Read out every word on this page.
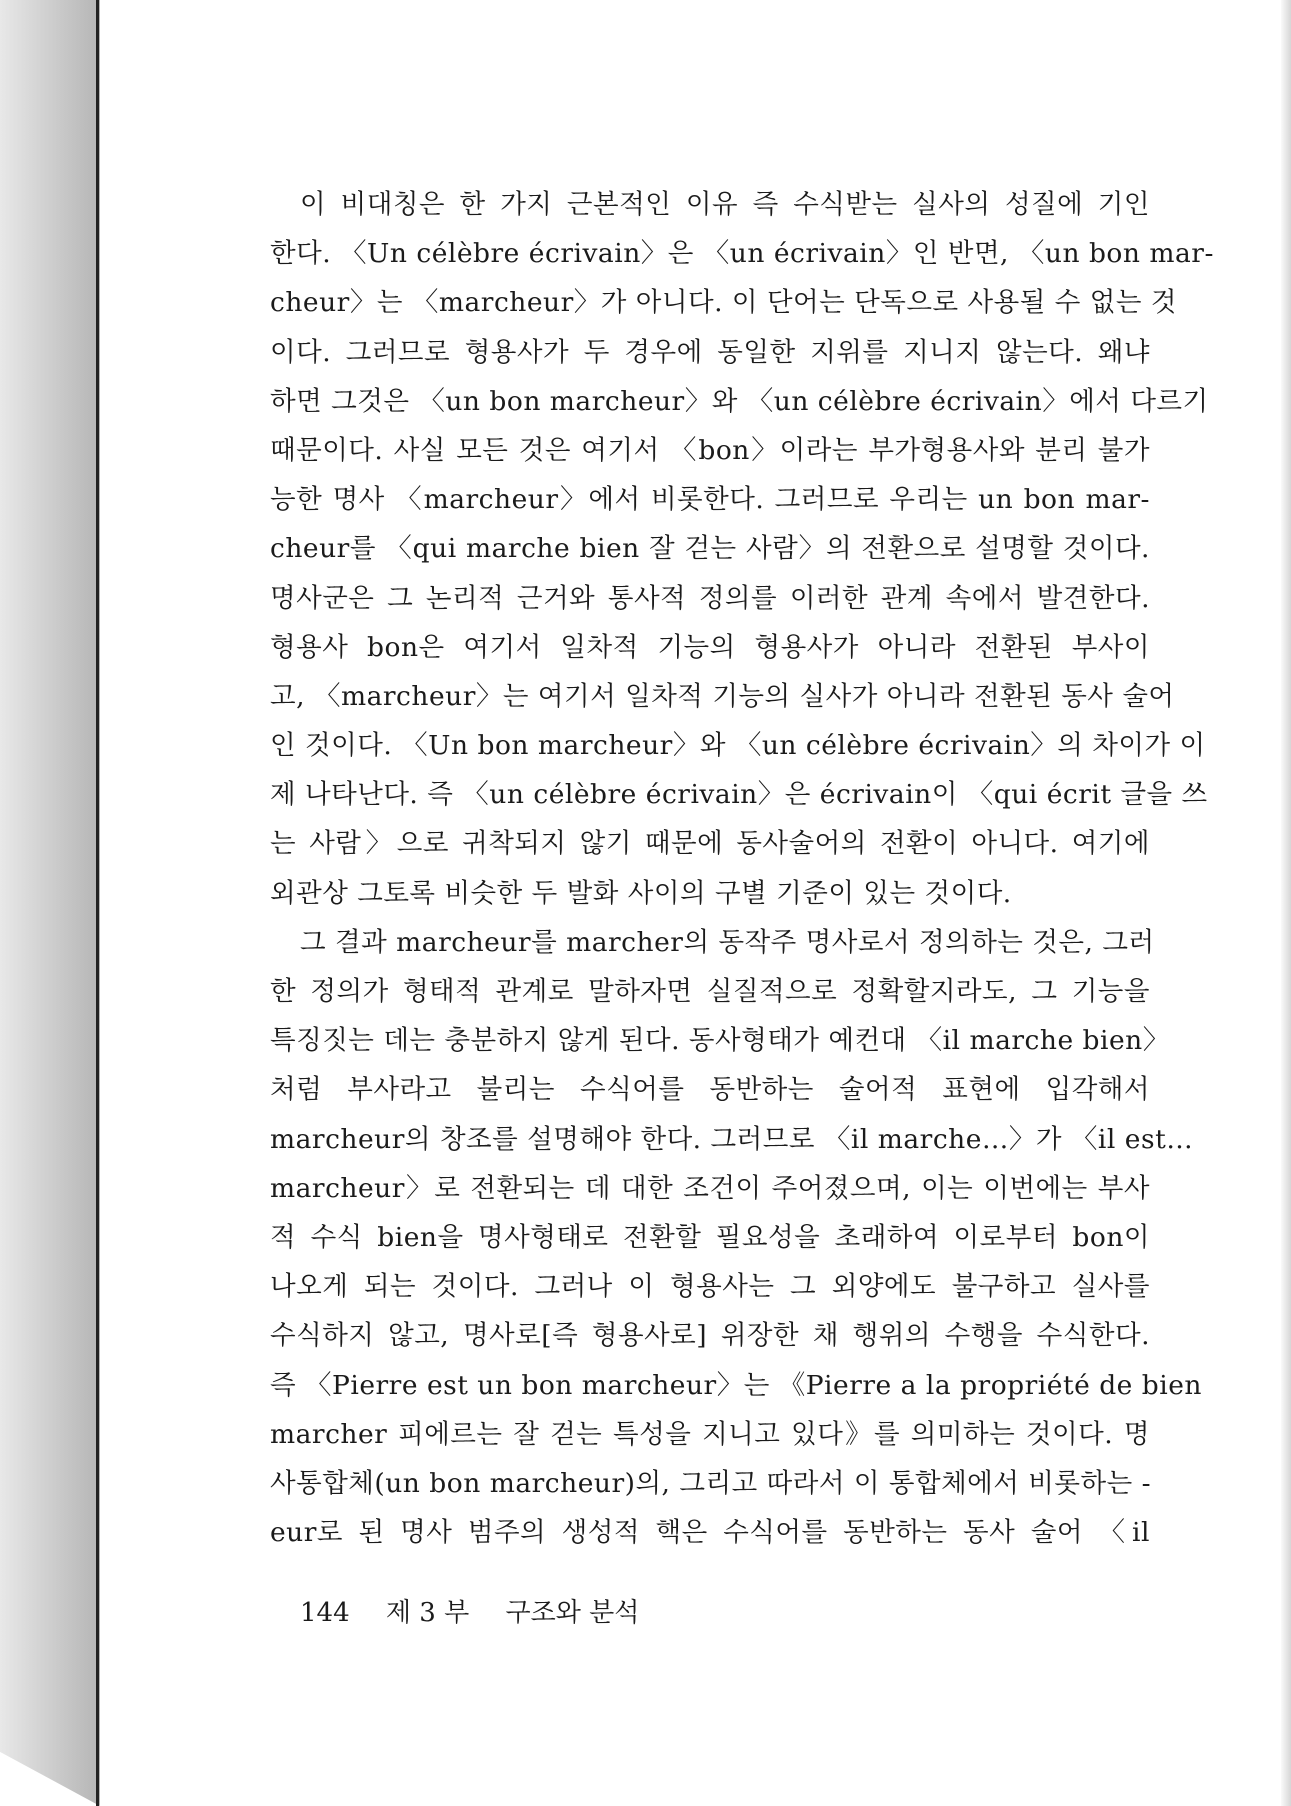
이 비대칭은 한 가지 근본적인 이유 즉 수식받는 실사의 성질에 기인
한다. 〈Un célèbre écrivain〉은 〈un écrivain〉인 반면, 〈un bon mar-
cheur〉는 〈marcheur〉가 아니다. 이 단어는 단독으로 사용될 수 없는 것
이다. 그러므로 형용사가 두 경우에 동일한 지위를 지니지 않는다. 왜냐
하면 그것은 〈un bon marcheur〉와 〈un célèbre écrivain〉에서 다르기
때문이다. 사실 모든 것은 여기서 〈bon〉이라는 부가형용사와 분리 불가
능한 명사 〈marcheur〉에서 비롯한다. 그러므로 우리는 un bon mar-
cheur를 〈qui marche bien 잘 걷는 사람〉의 전환으로 설명할 것이다.
명사군은 그 논리적 근거와 통사적 정의를 이러한 관계 속에서 발견한다.
형용사 bon은 여기서 일차적 기능의 형용사가 아니라 전환된 부사이
고, 〈marcheur〉는 여기서 일차적 기능의 실사가 아니라 전환된 동사 술어
인 것이다. 〈Un bon marcheur〉와 〈un célèbre écrivain〉의 차이가 이
제 나타난다. 즉 〈un célèbre écrivain〉은 écrivain이 〈qui écrit 글을 쓰
는 사람〉으로 귀착되지 않기 때문에 동사술어의 전환이 아니다. 여기에
외관상 그토록 비슷한 두 발화 사이의 구별 기준이 있는 것이다.
그 결과 marcheur를 marcher의 동작주 명사로서 정의하는 것은, 그러
한 정의가 형태적 관계로 말하자면 실질적으로 정확할지라도, 그 기능을
특징짓는 데는 충분하지 않게 된다. 동사형태가 예컨대 〈il marche bien〉
처럼 부사라고 불리는 수식어를 동반하는 술어적 표현에 입각해서
marcheur의 창조를 설명해야 한다. 그러므로 〈il marche…〉가 〈il est…
marcheur〉로 전환되는 데 대한 조건이 주어졌으며, 이는 이번에는 부사
적 수식 bien을 명사형태로 전환할 필요성을 초래하여 이로부터 bon이
나오게 되는 것이다. 그러나 이 형용사는 그 외양에도 불구하고 실사를
수식하지 않고, 명사로[즉 형용사로] 위장한 채 행위의 수행을 수식한다.
즉 〈Pierre est un bon marcheur〉는 《Pierre a la propriété de bien
marcher 피에르는 잘 걷는 특성을 지니고 있다》를 의미하는 것이다. 명
사통합체(un bon marcheur)의, 그리고 따라서 이 통합체에서 비롯하는 -
eur로 된 명사 범주의 생성적 핵은 수식어를 동반하는 동사 술어 〈il
144 제 3 부 구조와 분석
